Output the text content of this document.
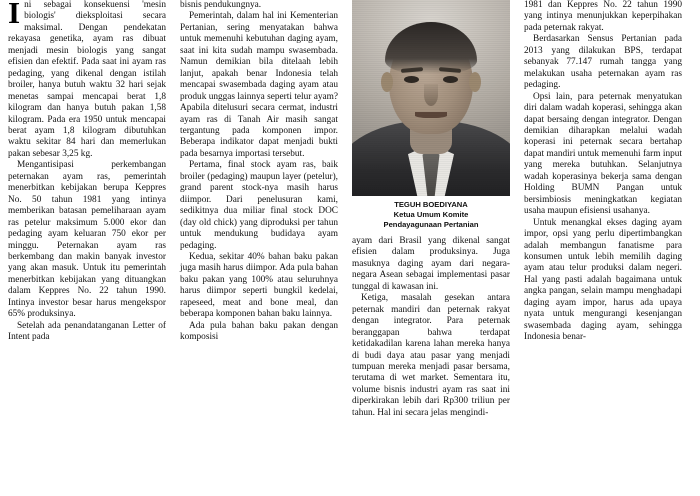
Ini sebagai konsekuensi 'mesin biologis' dieksploitasi secara maksimal. Dengan pendekatan rekayasa genetika, ayam ras dibuat menjadi mesin biologis yang sangat efisien dan efektif. Pada saat ini ayam ras pedaging, yang dikenal dengan istilah broiler, hanya butuh waktu 32 hari sejak menetas sampai mencapai berat 1,8 kilogram dan hanya butuh pakan 1,58 kilogram. Pada era 1950 untuk mencapai berat ayam 1,8 kilogram dibutuhkan waktu sekitar 84 hari dan memerlukan pakan sebesar 3,25 kg.
Mengantisipasi perkembangan peternakan ayam ras, pemerintah menerbitkan kebijakan berupa Keppres No. 50 tahun 1981 yang intinya memberikan batasan pemeliharaan ayam ras petelur maksimum 5.000 ekor dan pedaging ayam keluaran 750 ekor per minggu. Peternakan ayam ras berkembang dan makin banyak investor yang akan masuk. Untuk itu pemerintah menerbitkan kebijakan yang dituangkan dalam Keppres No. 22 tahun 1990. Intinya investor besar harus mengekspor 65% produksinya.
Setelah ada penandatanganan Letter of Intent pada
bisnis pendukungnya.
Pemerintah, dalam hal ini Kementerian Pertanian, sering menyatakan bahwa untuk memenuhi kebutuhan daging ayam, saat ini kita sudah mampu swasembada. Namun demikian bila ditelaah lebih lanjut, apakah benar Indonesia telah mencapai swasembada daging ayam atau produk unggas lainnya seperti telur ayam? Apabila ditelusuri secara cermat, industri ayam ras di Tanah Air masih sangat tergantung pada komponen impor. Beberapa indikator dapat menjadi bukti pada besarnya importasi tersebut.
Pertama, final stock ayam ras, baik broiler (pedaging) maupun layer (petelur), grand parent stock-nya masih harus diimpor. Dari penelusuran kami, sedikitnya dua miliar final stock DOC (day old chick) yang diproduksi per tahun untuk mendukung budidaya ayam pedaging.
Kedua, sekitar 40% bahan baku pakan juga masih harus diimpor. Ada pula bahan baku pakan yang 100% atau seluruhnya harus diimpor seperti bungkil kedelai, rapeseed, meat and bone meal, dan beberapa komponen bahan baku lainnya.
Ada pula bahan baku pakan dengan komposisi
TEGUH BOEDIYANA
Ketua Umum Komite
Pendayagunaan Pertanian
ayam dari Brasil yang dikenal sangat efisien dalam produksinya. Juga masuknya daging ayam dari negara-negara Asean sebagai implementasi pasar tunggal di kawasan ini.
Ketiga, masalah gesekan antara peternak mandiri dan peternak rakyat dengan integrator. Para peternak beranggapan bahwa terdapat ketidakadilan karena lahan mereka hanya di budi daya atau pasar yang menjadi tumpuan mereka menjadi pasar bersama, terutama di wet market. Sementara itu, volume bisnis industri ayam ras saat ini diperkirakan lebih dari Rp300 triliun per tahun. Hal ini secara jelas mengindi-
1981 dan Keppres No. 22 tahun 1990 yang intinya menunjukkan keperpihakan pada peternak rakyat.
Berdasarkan Sensus Pertanian pada 2013 yang dilakukan BPS, terdapat sebanyak 77.147 rumah tangga yang melakukan usaha peternakan ayam ras pedaging.
Opsi lain, para peternak menyatukan diri dalam wadah koperasi, sehingga akan dapat bersaing dengan integrator. Dengan demikian diharapkan melalui wadah koperasi ini peternak secara bertahap dapat mandiri untuk memenuhi farm input yang mereka butuhkan. Selanjutnya wadah koperasinya bekerja sama dengan Holding BUMN Pangan untuk bersimbiosis meningkatkan kegiatan usaha maupun efisiensi usahanya.
Untuk menangkal ekses daging ayam impor, opsi yang perlu dipertimbangkan adalah membangun fanatisme para konsumen untuk lebih memilih daging ayam atau telur produksi dalam negeri. Hal yang pasti adalah bagaimana untuk angka pangan, selain mampu menghadapi daging ayam impor, harus ada upaya nyata untuk mengurangi kesenjangan swasembada daging ayam, sehingga Indonesia benar-
